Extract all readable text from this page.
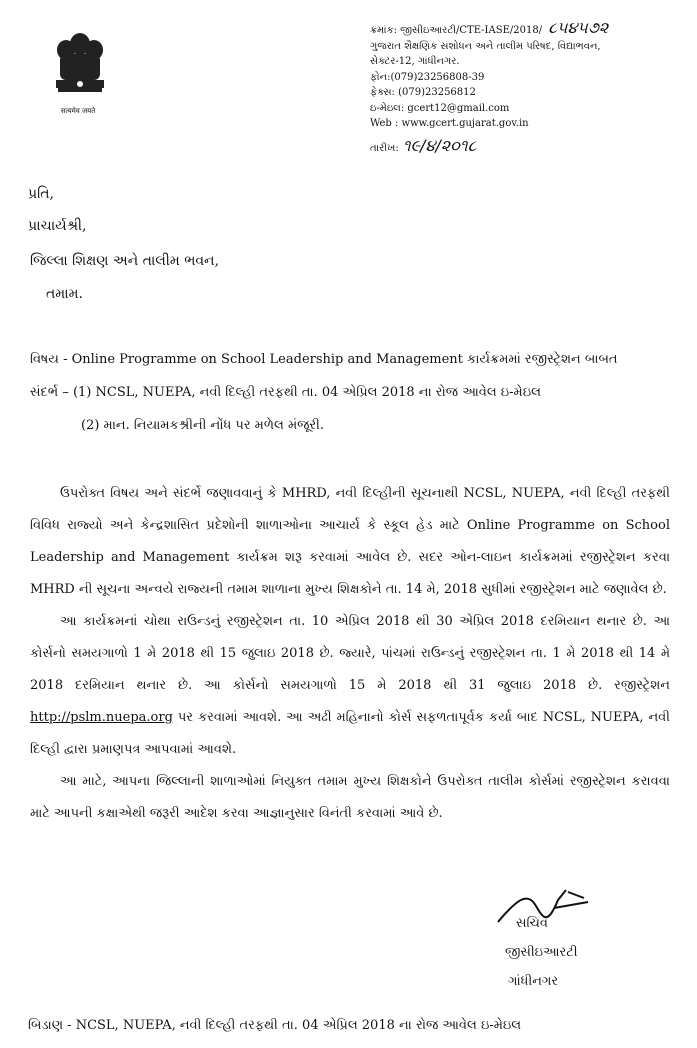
सत्यमेव जयते
ક્રમાંક: જીસીઇઆરટી/CTE-IASE/2018/ ૮૫૪૫૭૨
ગુજરાત શૈક્ષણિક સંશોધન અને તાલીમ પરિષદ, વિદ્યાભવન,
સેક્ટર-12, ગાંધીનગર.
ફોન:(079)23256808-39
ફેક્સ: (079)23256812
ઇ-મેઇલ: gcert12@gmail.com
Web : www.gcert.gujarat.gov.in
તારીખ: ૧૯/૪/૨૦૧૮
પ્રતિ,
પ્રાચાર્યશ્રી,
જિલ્લા શિક્ષણ અને તાલીમ ભવન,
તમામ.
વિષય - Online Programme on School Leadership and Management કાર્યક્રમમાં રજીસ્ટ્રેશન બાબત
સંદર્ભ – (1) NCSL, NUEPA, નવી દિલ્હી તરફથી તા. 04 એપ્રિલ 2018 ના રોજ આવેલ ઇ-મેઇલ
(2) માન. નિયામકશ્રીની નોંધ પર મળેલ મંજૂરી.

ઉપરોક્ત વિષય અને સંદર્ભે જણાવવાનું કે MHRD, નવી દિલ્હીની સૂચનાથી NCSL, NUEPA, નવી દિલ્હી તરફથી વિવિધ રાજ્યો અને કેન્દ્રશાસિત પ્રદેશોની શાળાઓના આચાર્ય કે સ્કૂલ હેડ માટે Online Programme on School Leadership and Management કાર્યક્રમ શરૂ કરવામાં આવેલ છે. સદર ઓન-લાઇન કાર્યક્રમમાં રજીસ્ટ્રેશન કરવા MHRD ની સૂચના અન્વયે રાજ્યની તમામ શાળાના મુખ્ય શિક્ષકોને તા. 14 મે, 2018 સુધીમાં રજીસ્ટ્રેશન માટે જણાવેલ છે.

આ કાર્યક્રમનાં ચોથા રાઉન્ડનું રજીસ્ટ્રેશન તા. 10 એપ્રિલ 2018 થી 30 એપ્રિલ 2018 દરમિયાન થનાર છે. આ કોર્સનો સમયગાળો 1 મે 2018 થી 15 જુલાઇ 2018 છે. જ્યારે, પાંચમાં રાઉન્ડનું રજીસ્ટ્રેશન તા. 1 મે 2018 થી 14 મે 2018 દરમિયાન થનાર છે. આ કોર્સનો સમયગાળો 15 મે 2018 થી 31 જુલાઇ 2018 છે. રજીસ્ટ્રેશન http://pslm.nuepa.org પર કરવામાં આવશે. આ અઢી મહિનાનો કોર્સ સફળતાપૂર્વક કર્યા બાદ NCSL, NUEPA, નવી દિલ્હી દ્વારા પ્રમાણપત્ર આપવામાં આવશે.

આ માટે, આપના જિલ્લાની શાળાઓમાં નિયુક્ત તમામ મુખ્ય શિક્ષકોને ઉપરોક્ત તાલીમ કોર્સમાં રજીસ્ટ્રેશન કરાવવા માટે આપની કક્ષાએથી જરૂરી આદેશ કરવા આજ્ઞાનુસાર વિનંતી કરવામાં આવે છે.

સચિવ
જીસીઇઆરટી
ગાંધીનગર
બિડાણ - NCSL, NUEPA, નવી દિલ્હી તરફથી તા. 04 એપ્રિલ 2018 ના રોજ આવેલ ઇ-મેઇલ
